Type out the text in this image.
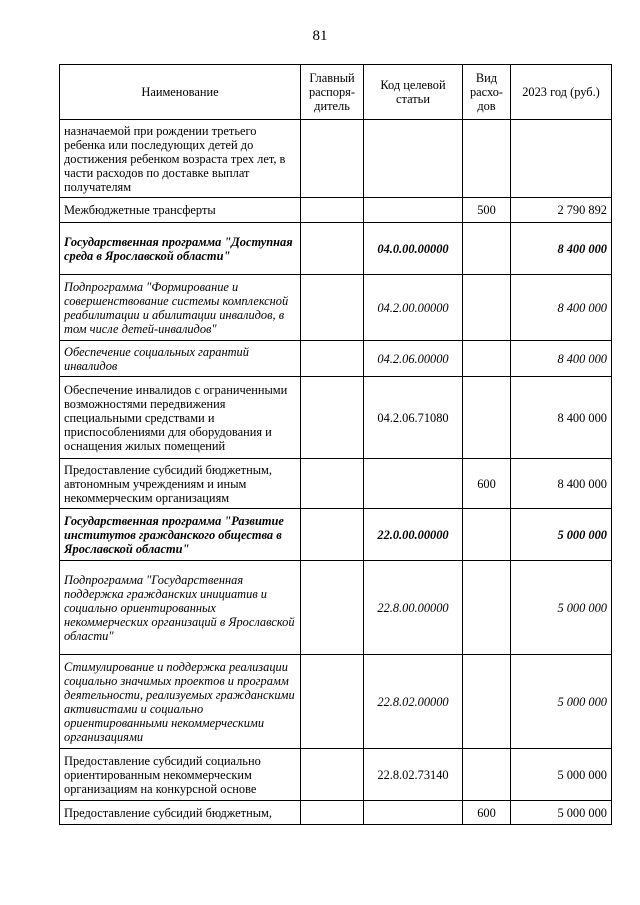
81
Наименование	Главный распоря-дитель	Код целевой статьи	Вид расхо-дов	2023 год (руб.)
назначаемой при рождении третьего ребенка или последующих детей до достижения ребенком возраста трех лет, в части расходов по доставке выплат получателям				
Межбюджетные трансферты			500	2 790 892
Государственная программа "Доступная среда в Ярославской области"		04.0.00.00000		8 400 000
Подпрограмма "Формирование и совершенствование системы комплексной реабилитации и абилитации инвалидов, в том числе детей-инвалидов"		04.2.00.00000		8 400 000
Обеспечение социальных гарантий инвалидов		04.2.06.00000		8 400 000
Обеспечение инвалидов с ограниченными возможностями передвижения специальными средствами и приспособлениями для оборудования и оснащения жилых помещений		04.2.06.71080		8 400 000
Предоставление субсидий бюджетным, автономным учреждениям и иным некоммерческим организациям			600	8 400 000
Государственная программа "Развитие институтов гражданского общества в Ярославской области"		22.0.00.00000		5 000 000
Подпрограмма "Государственная поддержка гражданских инициатив и социально ориентированных некоммерческих организаций в Ярославской области"		22.8.00.00000		5 000 000
Стимулирование и поддержка реализации социально значимых проектов и программ деятельности, реализуемых гражданскими активистами и социально ориентированными некоммерческими организациями		22.8.02.00000		5 000 000
Предоставление субсидий социально ориентированным некоммерческим организациям на конкурсной основе		22.8.02.73140		5 000 000
Предоставление субсидий бюджетным,			600	5 000 000
